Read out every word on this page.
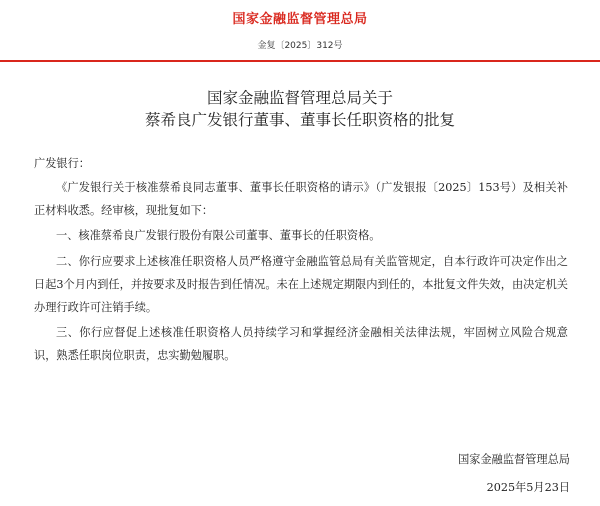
国家金融监督管理总局
金复〔2025〕312号
国家金融监督管理总局关于
蔡希良广发银行董事、董事长任职资格的批复
广发银行：
《广发银行关于核准蔡希良同志董事、董事长任职资格的请示》（广发银报〔2025〕153号）及相关补正材料收悉。经审核，现批复如下：
一、核准蔡希良广发银行股份有限公司董事、董事长的任职资格。
二、你行应要求上述核准任职资格人员严格遵守金融监管总局有关监管规定，自本行政许可决定作出之日起3个月内到任，并按要求及时报告到任情况。未在上述规定期限内到任的，本批复文件失效，由决定机关办理行政许可注销手续。
三、你行应督促上述核准任职资格人员持续学习和掌握经济金融相关法律法规，牢固树立风险合规意识，熟悉任职岗位职责，忠实勤勉履职。
国家金融监督管理总局
2025年5月23日
